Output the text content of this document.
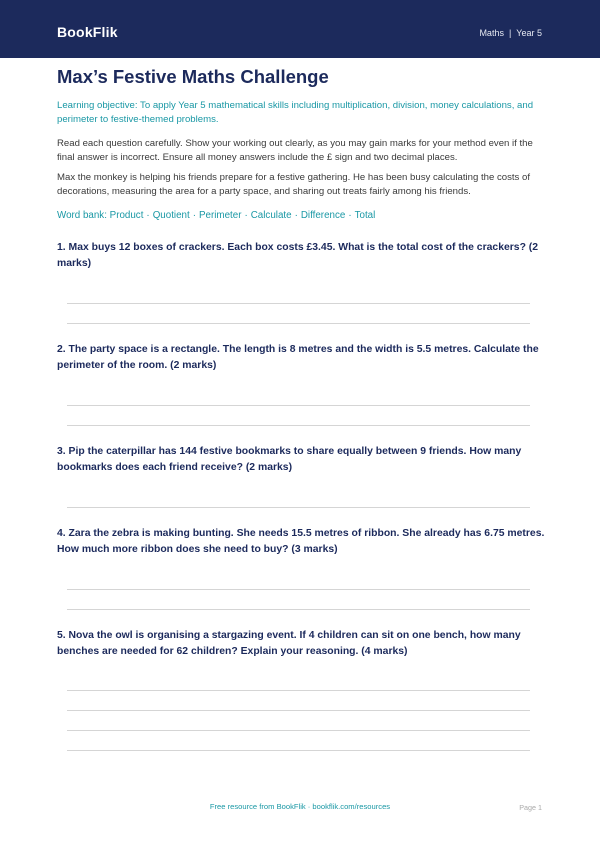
BookFlik	Maths | Year 5
Max’s Festive Maths Challenge

Learning objective: To apply Year 5 mathematical skills including multiplication, division, money calculations, and perimeter to festive-themed problems.

Read each question carefully. Show your working out clearly, as you may gain marks for your method even if the final answer is incorrect. Ensure all money answers include the £ sign and two decimal places.

Max the monkey is helping his friends prepare for a festive gathering. He has been busy calculating the costs of decorations, measuring the area for a party space, and sharing out treats fairly among his friends.

Word bank: Product · Quotient · Perimeter · Calculate · Difference · Total

1. Max buys 12 boxes of crackers. Each box costs £3.45. What is the total cost of the crackers? (2 marks)

2. The party space is a rectangle. The length is 8 metres and the width is 5.5 metres. Calculate the perimeter of the room. (2 marks)

3. Pip the caterpillar has 144 festive bookmarks to share equally between 9 friends. How many bookmarks does each friend receive? (2 marks)

4. Zara the zebra is making bunting. She needs 15.5 metres of ribbon. She already has 6.75 metres. How much more ribbon does she need to buy? (3 marks)

5. Nova the owl is organising a stargazing event. If 4 children can sit on one bench, how many benches are needed for 62 children? Explain your reasoning. (4 marks)

Free resource from BookFlik · bookflik.com/resources	Page 1
